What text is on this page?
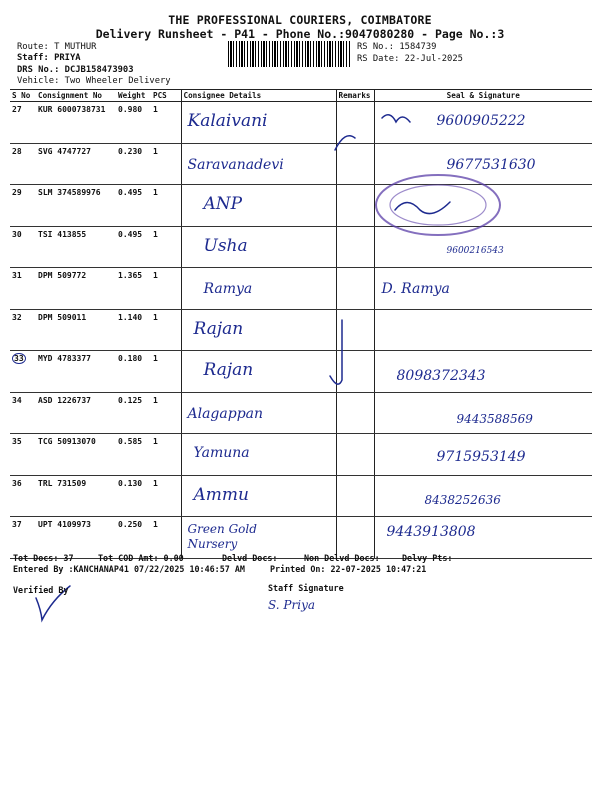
THE PROFESSIONAL COURIERS, COIMBATORE
Delivery Runsheet - P41 - Phone No.:9047080280 - Page No.:3
Route: T MUTHUR
Staff: PRIYA
DRS No.: DCJB158473903
Vehicle: Two Wheeler Delivery
RS No.: 1584739
RS Date: 22-Jul-2025
S No	Consignment No	Weight	PCS	Consignee Details	Remarks	Seal & Signature
27	KUR 6000738731	0.980	1	Kalaivani		9600905222
28	SVG 4747727	0.230	1	Saravanadevi		9677531630
29	SLM 374589976	0.495	1	ANP		
30	TSI 413855	0.495	1	Usha		9600216543
31	DPM 509772	1.365	1	Ramya		D. Ramya
32	DPM 509011	1.140	1	Rajan		
33	MYD 4783377	0.180	1	Rajan		8098372343
34	ASD 1226737	0.125	1	Alagappan		9443588569
35	TCG 50913070	0.585	1	Yamuna		9715953149
36	TRL 731509	0.130	1	Ammu		8438252636
37	UPT 4109973	0.250	1	Green Gold Nursery		9443913808
Tot Docs: 37	Tot COD Amt: 0.00	Delvd Docs:	Non Delvd Docs:	Delvy Pts:
Entered By :KANCHANAP41 07/22/2025 10:46:57 AM	Printed On: 22-07-2025 10:47:21
Verified By	Staff Signature
S. Priya
